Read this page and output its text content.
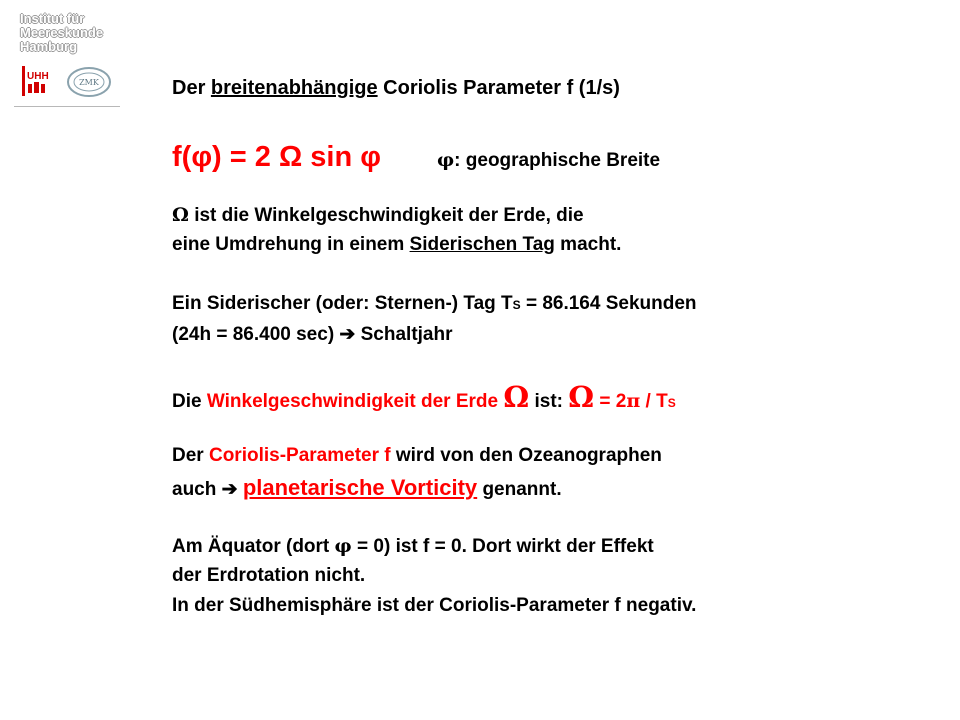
Institut für
Meereskunde
Hamburg
UHH
ZMK	Der breitenabhängige Coriolis Parameter f (1/s)
f(φ) = 2 Ω sin φ	φ: geographische Breite
Ω ist die Winkelgeschwindigkeit der Erde, die
eine Umdrehung in einem Siderischen Tag macht.
Ein Siderischer (oder: Sternen-) Tag TS = 86.164 Sekunden
(24h = 86.400 sec) ➔ Schaltjahr
Die Winkelgeschwindigkeit der Erde Ω ist: Ω = 2π / TS
Der Coriolis-Parameter f wird von den Ozeanographen
auch ➔ planetarische Vorticity genannt.
Am Äquator (dort φ = 0) ist f = 0. Dort wirkt der Effekt
der Erdrotation nicht.
In der Südhemisphäre ist der Coriolis-Parameter f negativ.
